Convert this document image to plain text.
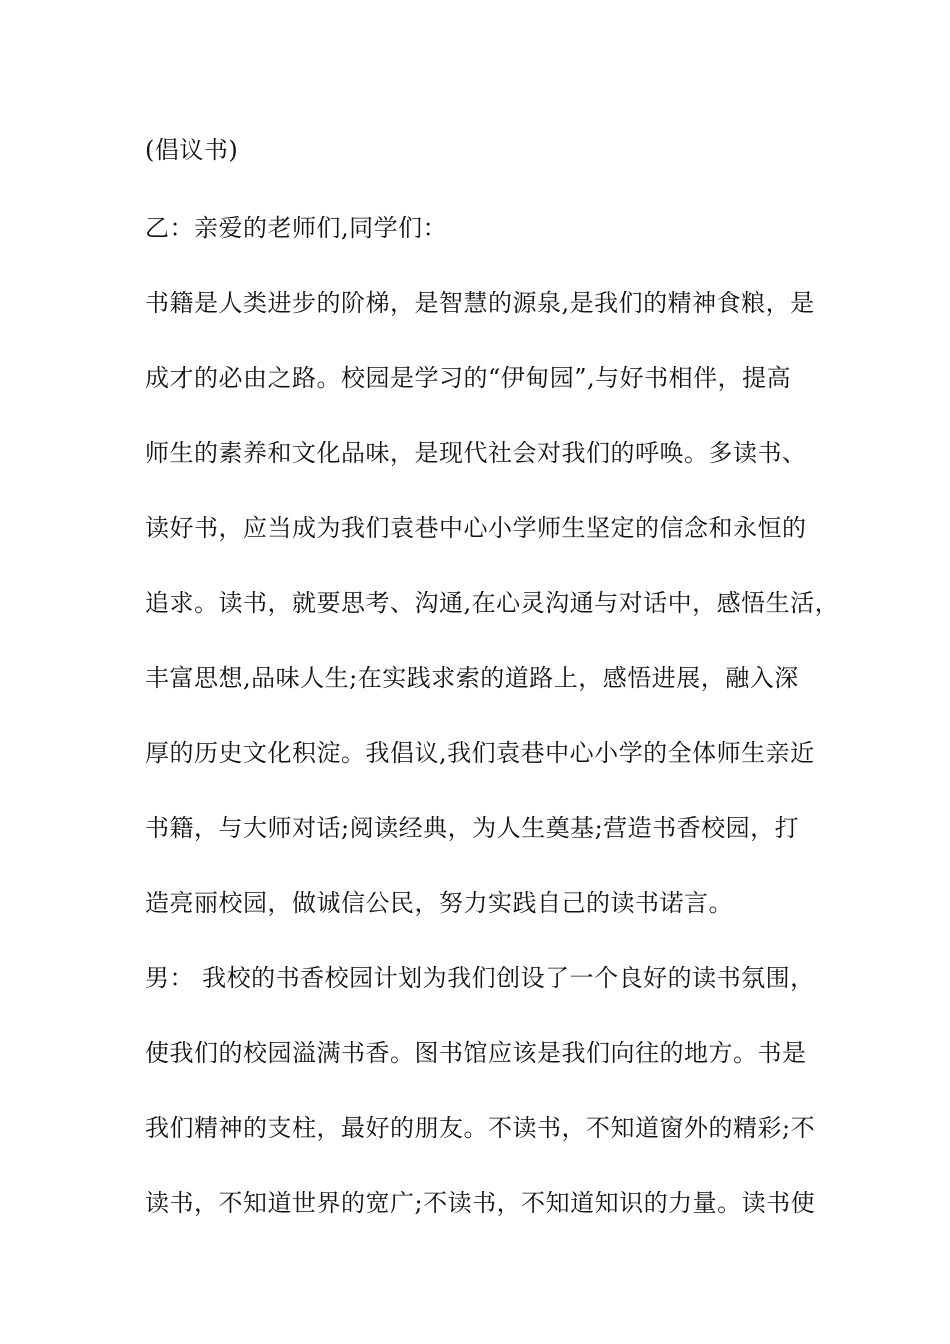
(倡议书)
乙：亲爱的老师们,同学们：
书籍是人类进步的阶梯，是智慧的源泉,是我们的精神食粮，是
成才的必由之路。校园是学习的“伊甸园”,与好书相伴，提高
师生的素养和文化品味，是现代社会对我们的呼唤。多读书、
读好书，应当成为我们袁巷中心小学师生坚定的信念和永恒的
追求。读书，就要思考、沟通,在心灵沟通与对话中，感悟生活，
丰富思想,品味人生;在实践求索的道路上，感悟进展，融入深
厚的历史文化积淀。我倡议,我们袁巷中心小学的全体师生亲近
书籍，与大师对话;阅读经典，为人生奠基;营造书香校园，打
造亮丽校园，做诚信公民，努力实践自己的读书诺言。
男： 我校的书香校园计划为我们创设了一个良好的读书氛围，
使我们的校园溢满书香。图书馆应该是我们向往的地方。书是
我们精神的支柱，最好的朋友。不读书，不知道窗外的精彩;不
读书，不知道世界的宽广;不读书，不知道知识的力量。读书使
